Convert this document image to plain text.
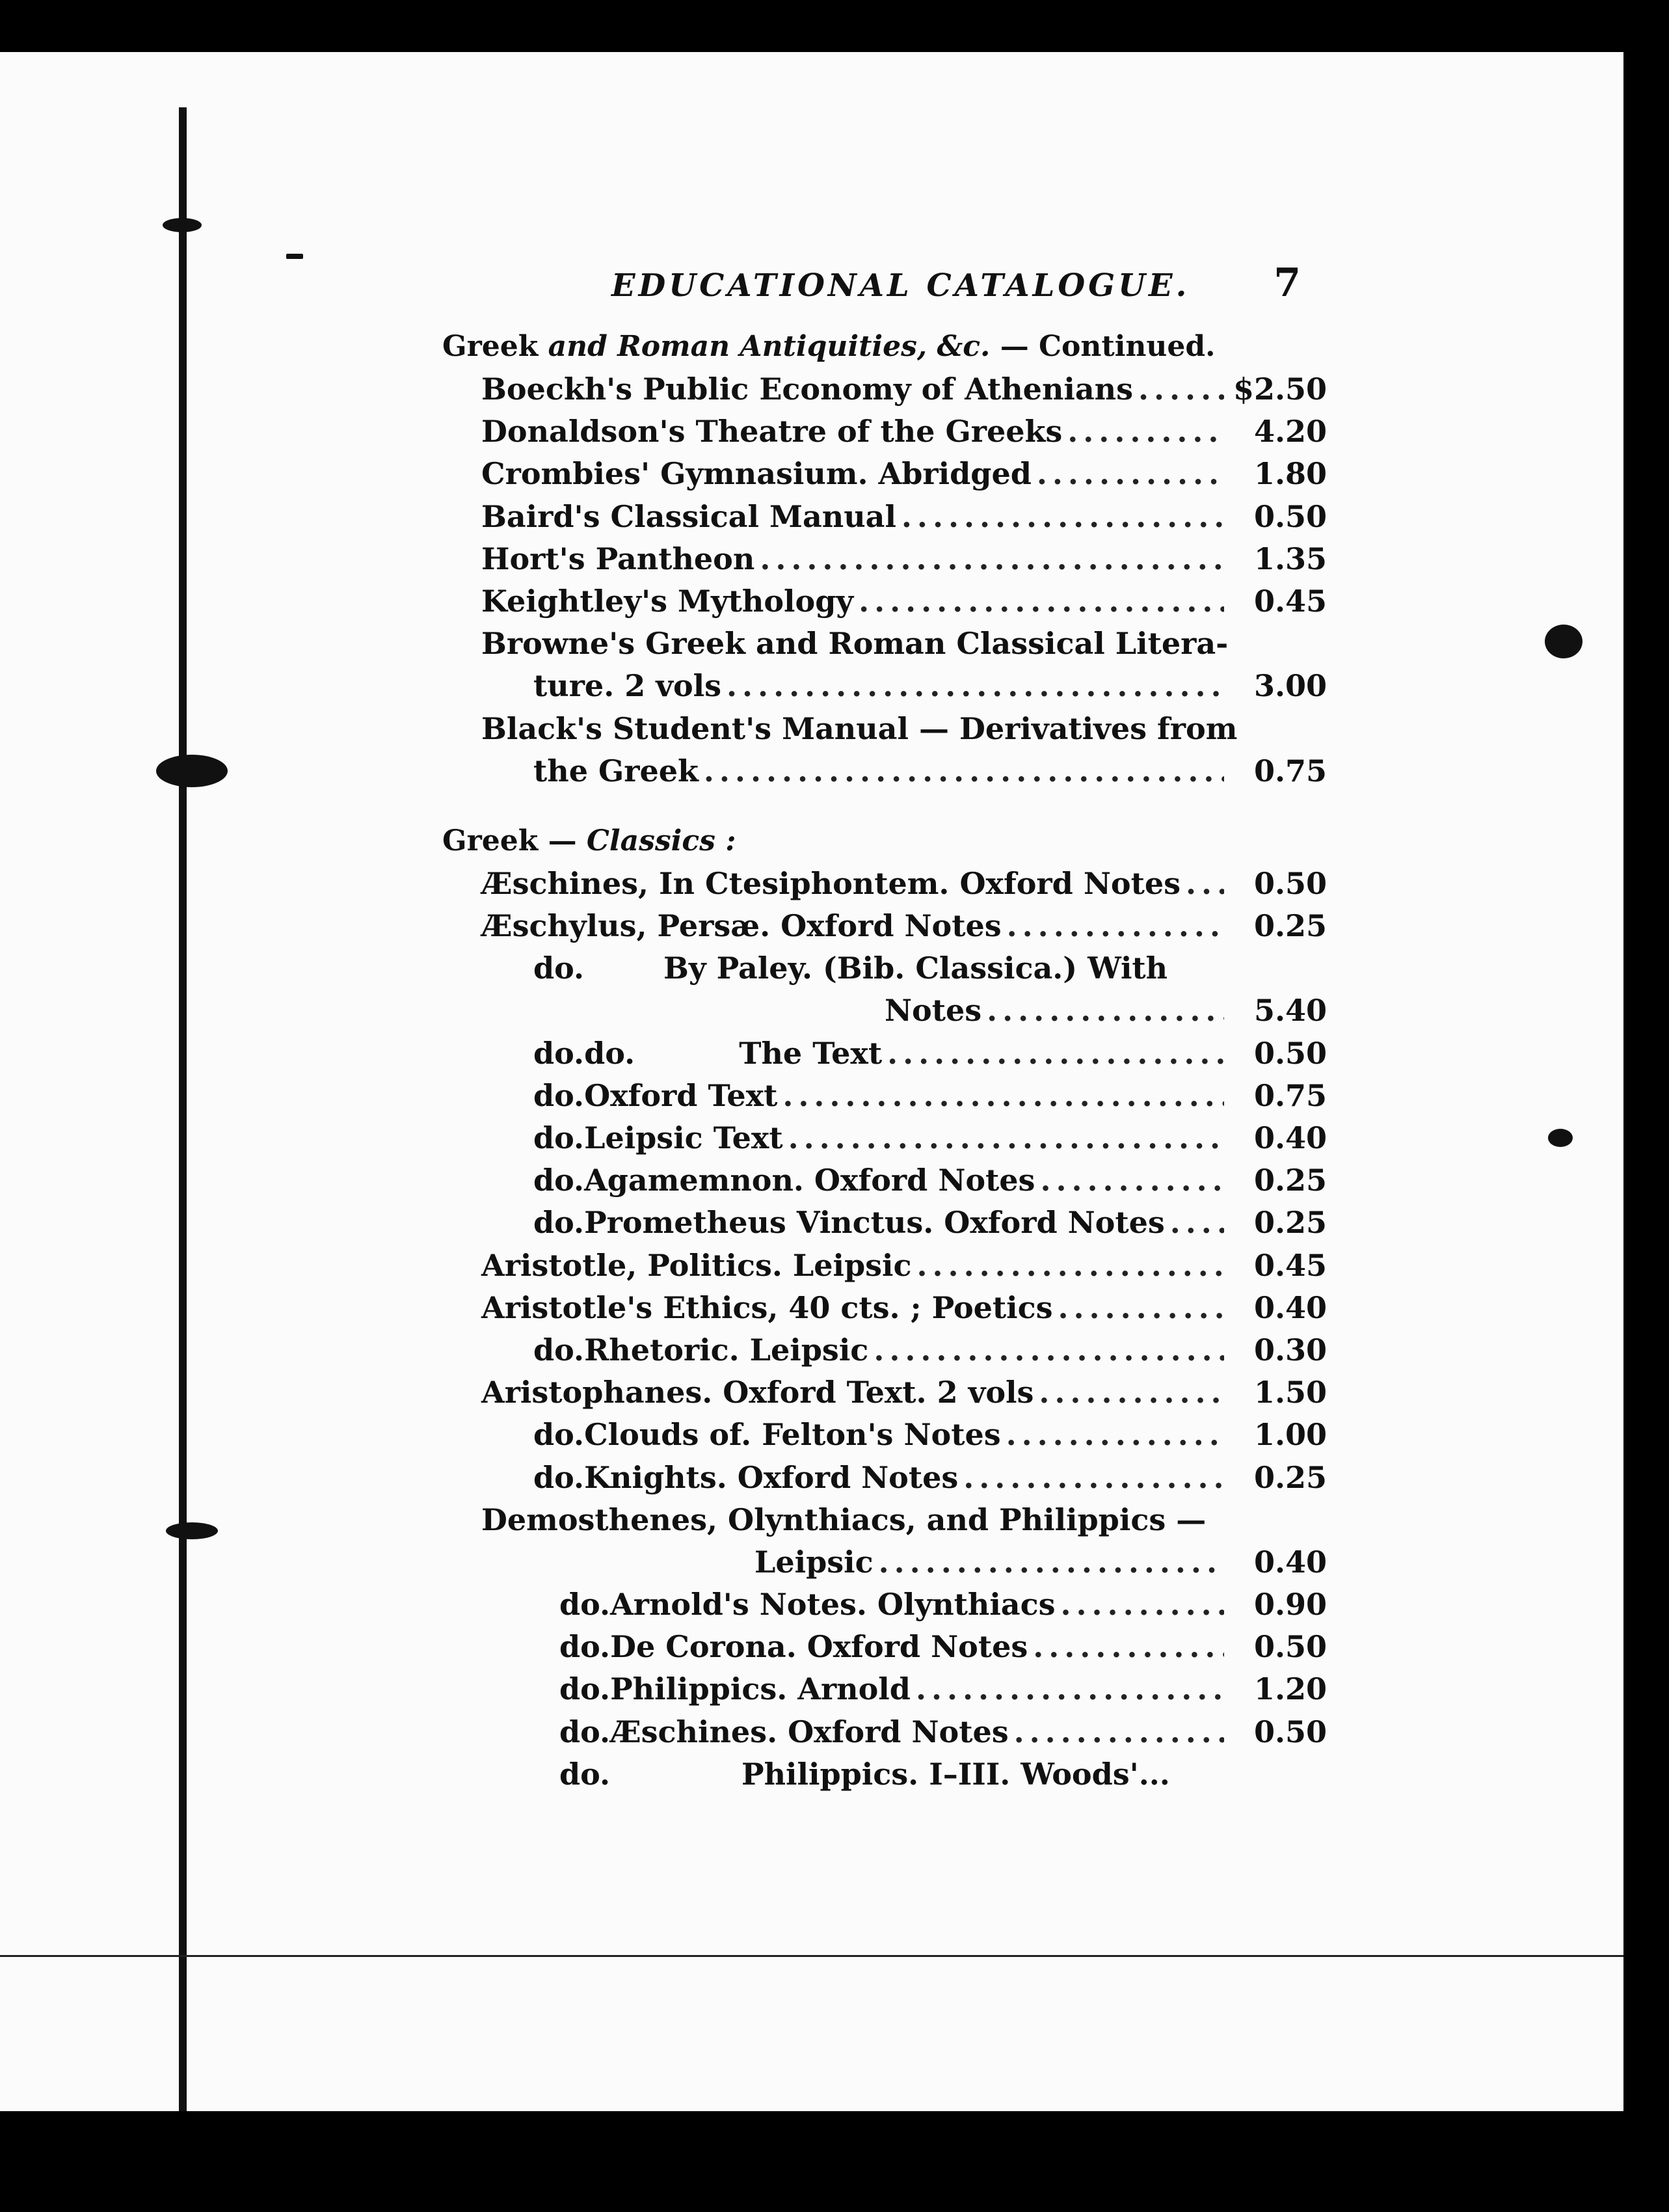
EDUCATIONAL CATALOGUE. 7
Greek and Roman Antiquities, &c. — Continued.
Boeckh's Public Economy of Athenians .....	$2.50
Donaldson's Theatre of the Greeks .....	4.20
Crombies' Gymnasium. Abridged .....	1.80
Baird's Classical Manual .....	0.50
Hort's Pantheon .....	1.35
Keightley's Mythology .....	0.45
Browne's Greek and Roman Classical Litera-
ture. 2 vols .....	3.00
Black's Student's Manual — Derivatives from
the Greek .....	0.75
Greek — Classics :
Æschines, In Ctesiphontem. Oxford Notes .....	0.50
Æschylus, Persæ. Oxford Notes .....	0.25
do.	By Paley. (Bib. Classica.) With
Notes .....	5.40
do. do.          The Text .....	0.50
do. Oxford Text .....	0.75
do. Leipsic Text .....	0.40
do. Agamemnon. Oxford Notes .....	0.25
do. Prometheus Vinctus. Oxford Notes .....	0.25
Aristotle, Politics. Leipsic .....	0.45
Aristotle's Ethics, 40 cts. ; Poetics .....	0.40
do. Rhetoric. Leipsic .....	0.30
Aristophanes. Oxford Text. 2 vols .....	1.50
do. Clouds of. Felton's Notes .....	1.00
do. Knights. Oxford Notes .....	0.25
Demosthenes, Olynthiacs, and Philippics —
Leipsic .....	0.40
do. Arnold's Notes. Olynthiacs .....	0.90
do. De Corona. Oxford Notes .....	0.50
do. Philippics. Arnold .....	1.20
do. Æschines. Oxford Notes .....	0.50
do.	Philippics. I–III. Woods'...
